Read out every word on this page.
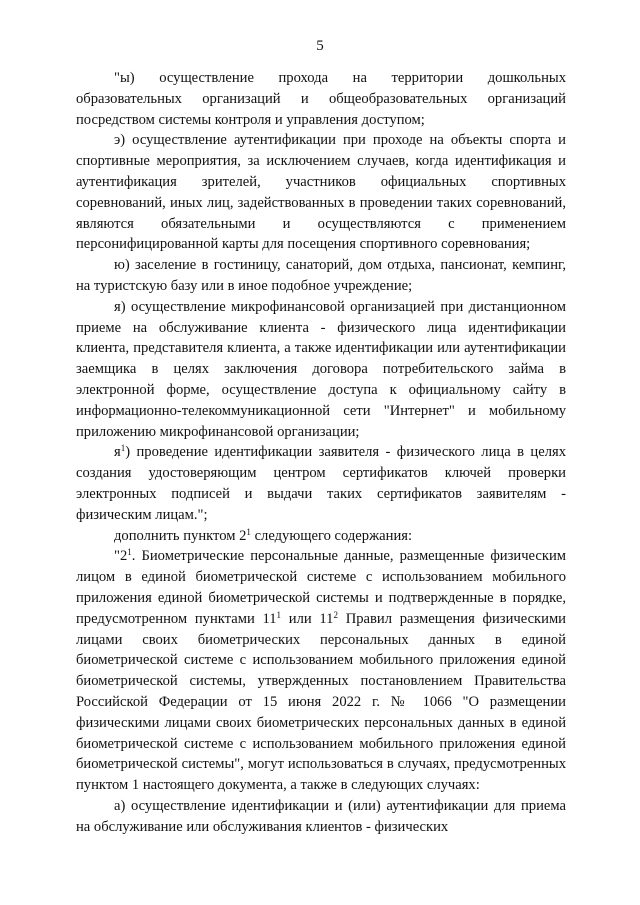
5

"ы) осуществление прохода на территории дошкольных образовательных организаций и общеобразовательных организаций посредством системы контроля и управления доступом;

э) осуществление аутентификации при проходе на объекты спорта и спортивные мероприятия, за исключением случаев, когда идентификация и аутентификация зрителей, участников официальных спортивных соревнований, иных лиц, задействованных в проведении таких соревнований, являются обязательными и осуществляются с применением персонифицированной карты для посещения спортивного соревнования;

ю) заселение в гостиницу, санаторий, дом отдыха, пансионат, кемпинг, на туристскую базу или в иное подобное учреждение;

я) осуществление микрофинансовой организацией при дистанционном приеме на обслуживание клиента - физического лица идентификации клиента, представителя клиента, а также идентификации или аутентификации заемщика в целях заключения договора потребительского займа в электронной форме, осуществление доступа к официальному сайту в информационно-телекоммуникационной сети "Интернет" и мобильному приложению микрофинансовой организации;

$я^1$) проведение идентификации заявителя - физического лица в целях создания удостоверяющим центром сертификатов ключей проверки электронных подписей и выдачи таких сертификатов заявителям - физическим лицам.";

дополнить пунктом $2^1$ следующего содержания:

"$2^1$. Биометрические персональные данные, размещенные физическим лицом в единой биометрической системе с использованием мобильного приложения единой биометрической системы и подтвержденные в порядке, предусмотренном пунктами $11^1$ или $11^2$ Правил размещения физическими лицами своих биометрических персональных данных в единой биометрической системе с использованием мобильного приложения единой биометрической системы, утвержденных постановлением Правительства Российской Федерации от 15 июня 2022 г. № 1066 "О размещении физическими лицами своих биометрических персональных данных в единой биометрической системе с использованием мобильного приложения единой биометрической системы", могут использоваться в случаях, предусмотренных пунктом 1 настоящего документа, а также в следующих случаях:

а) осуществление идентификации и (или) аутентификации для приема на обслуживание или обслуживания клиентов - физических
